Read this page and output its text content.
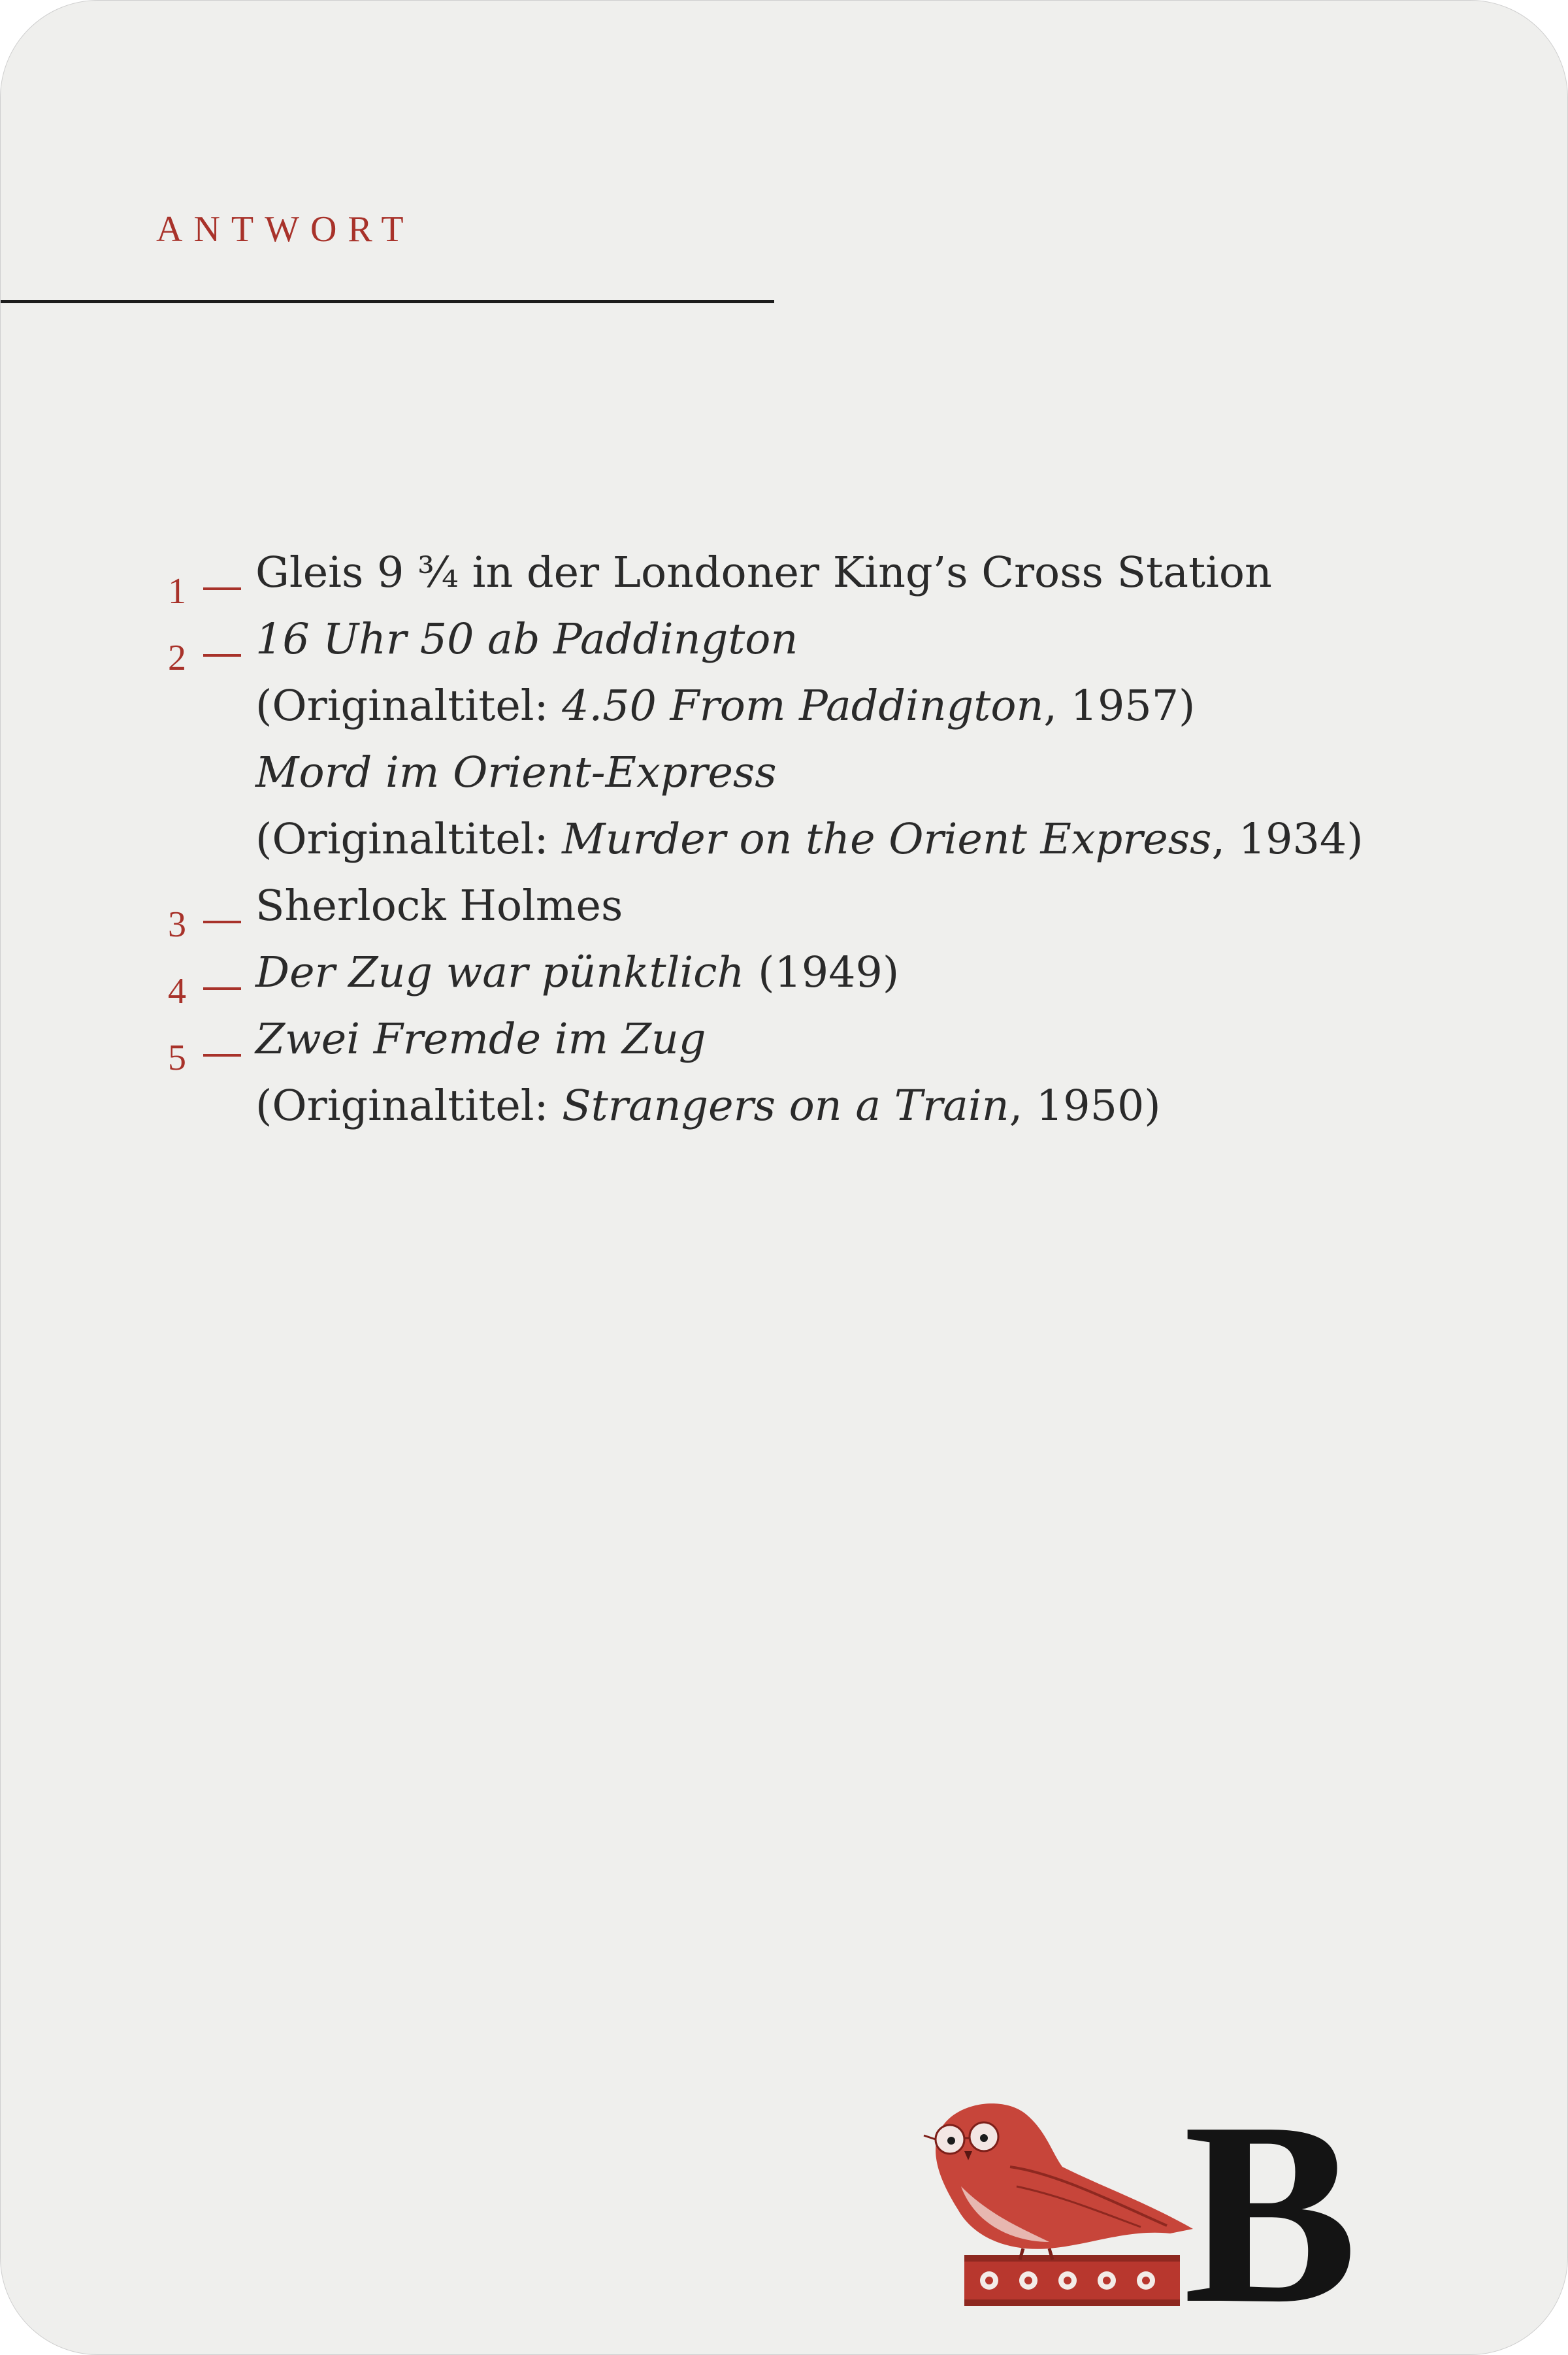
ANTWORT
1 Gleis 9 ¾ in der Londoner King’s Cross Station
2 16 Uhr 50 ab Paddington
(Originaltitel: 4.50 From Paddington, 1957)
Mord im Orient-Express
(Originaltitel: Murder on the Orient Express, 1934)
3 Sherlock Holmes
4 Der Zug war pünktlich (1949)
5 Zwei Fremde im Zug
(Originaltitel: Strangers on a Train, 1950)
B
